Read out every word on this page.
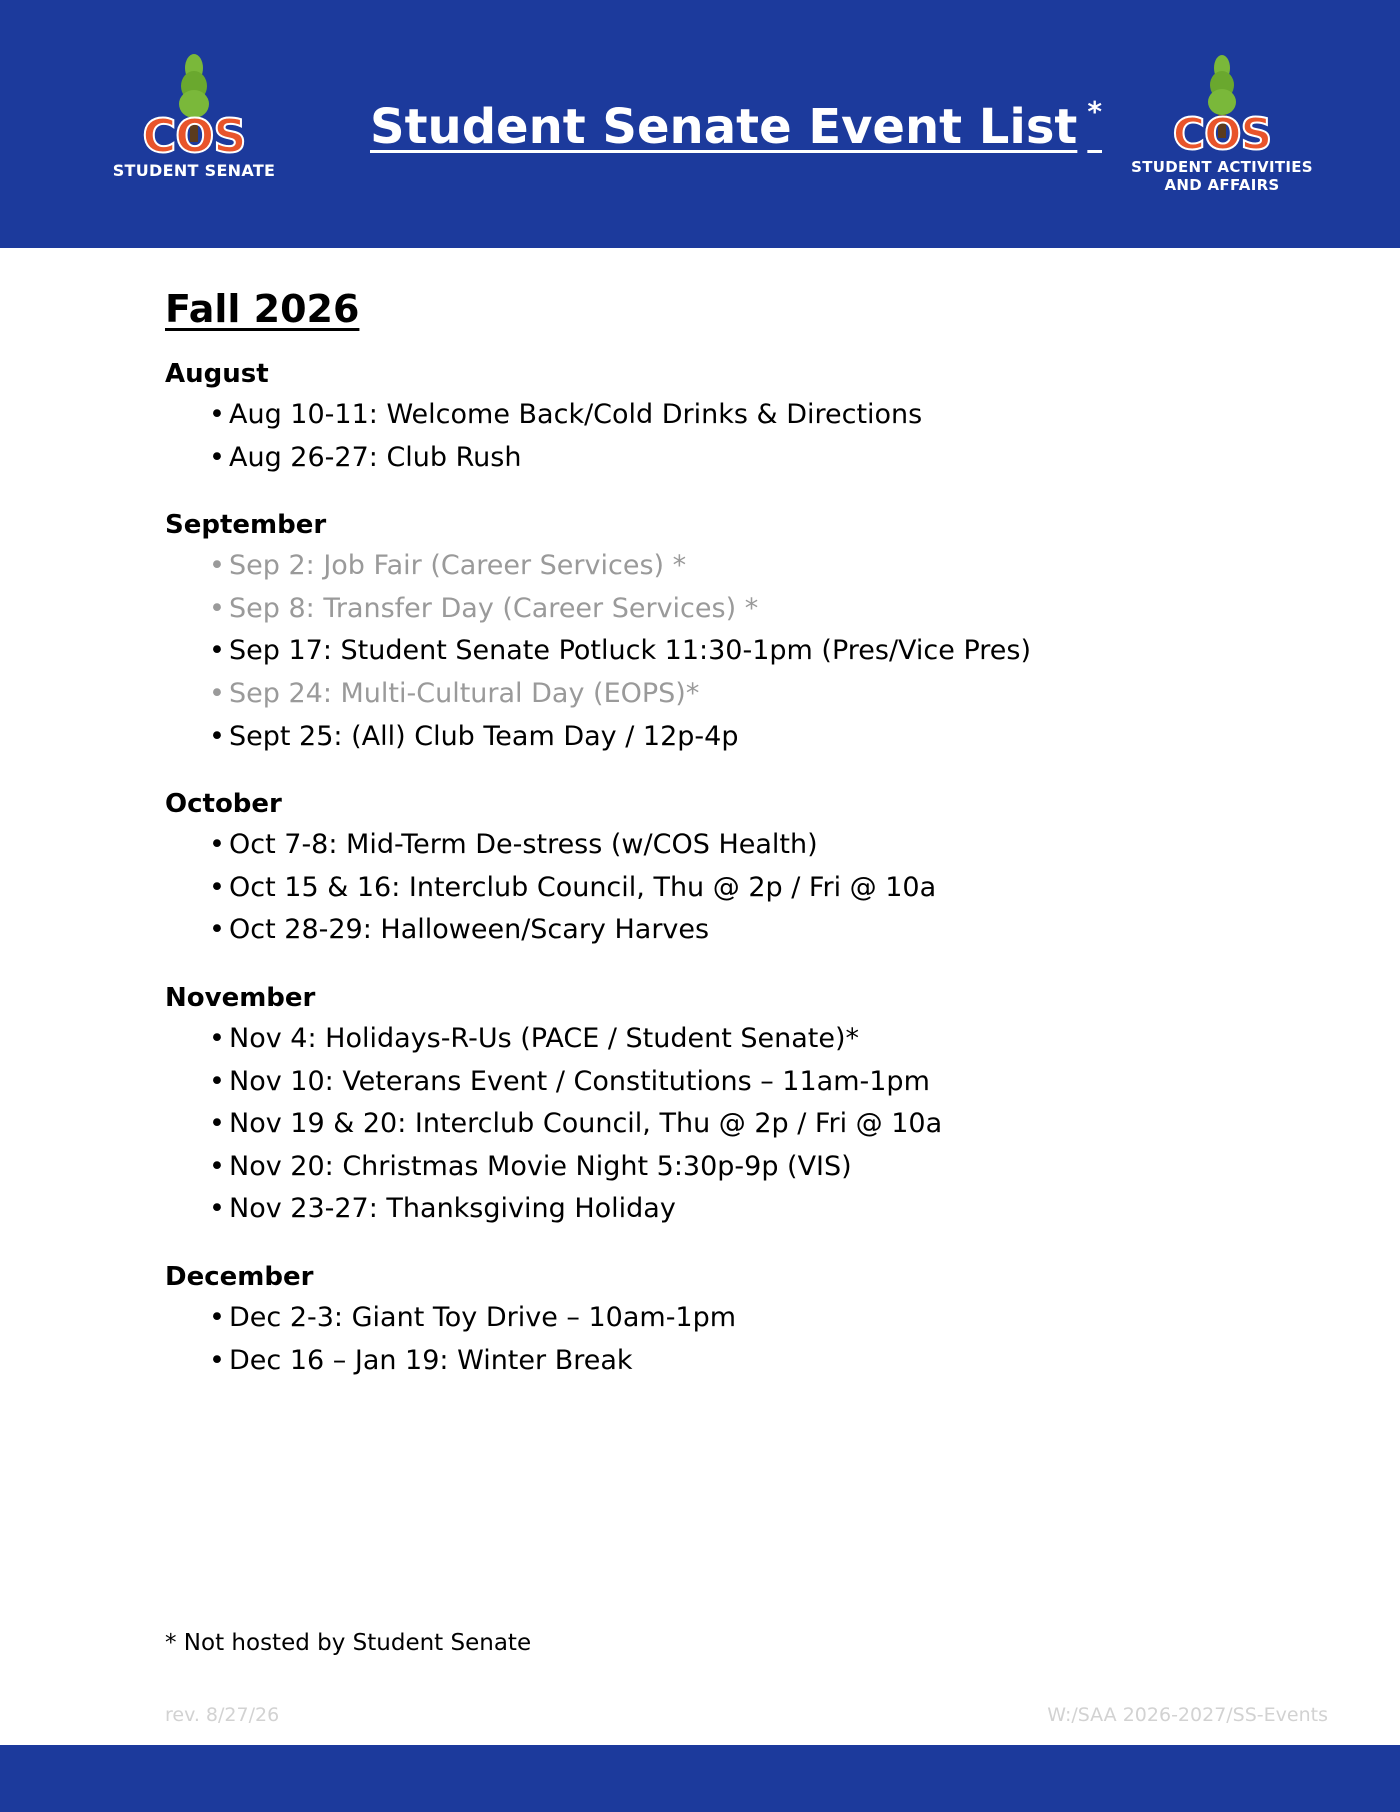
COS
STUDENT SENATE
Student Senate Event List * COS
STUDENT ACTIVITIES
AND AFFAIRS
Fall 2026
August
• Aug 10-11: Welcome Back/Cold Drinks & Directions
• Aug 26-27: Club Rush
September
• Sep 2: Job Fair (Career Services) *
• Sep 8: Transfer Day (Career Services) *
• Sep 17: Student Senate Potluck 11:30-1pm (Pres/Vice Pres)
• Sep 24: Multi-Cultural Day (EOPS)*
• Sept 25: (All) Club Team Day / 12p-4p
October
• Oct 7-8: Mid-Term De-stress (w/COS Health)
• Oct 15 & 16: Interclub Council, Thu @ 2p / Fri @ 10a
• Oct 28-29: Halloween/Scary Harves
November
• Nov 4: Holidays-R-Us (PACE / Student Senate)*
• Nov 10: Veterans Event / Constitutions – 11am-1pm
• Nov 19 & 20: Interclub Council, Thu @ 2p / Fri @ 10a
• Nov 20: Christmas Movie Night 5:30p-9p (VIS)
• Nov 23-27: Thanksgiving Holiday
December
• Dec 2-3: Giant Toy Drive – 10am-1pm
• Dec 16 – Jan 19: Winter Break
* Not hosted by Student Senate
rev. 8/27/26	W:/SAA 2026-2027/SS-Events
